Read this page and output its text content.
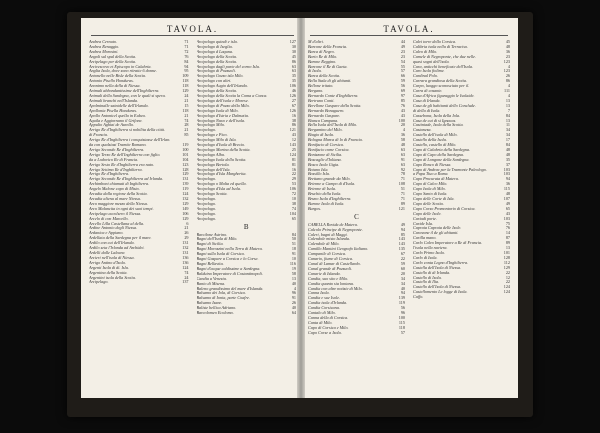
TAVOLA.
Andrea Cernuto.	71
Andrea Renaggio.	71
Andrea Morosini.	72
Angoli sul spal della Scotia.	76
Arcipelago per della Scotia.	84
Arcivescovo et Episcopo in Calabria.	94
Anglia Isola, dove sono ritratte 6 donne.	95
Antonello nelle Bisle della Scotia.	109
Antonio Pisello Honduras.	118
Anonimo nella della di Niessa.	118
Animali abbondantissime dell'Inghilterra.	129
Animali della Sardegna, con le quali si spera.	24
Animali branchi nell'Islanda.	21
Apolminalle saintdelle dell'Irlanda.	15
Apollonia Pisella Honduras.	118
Apollo Antonicel quella in Eubea.	21
Aquila e Aggiornano il Grifone.	74
Appulio Aghiai de Aurella.	28
Arrigo Re d'Inghilterra si nobilita della città.	21
di Francia.	85
Arrigo Re d'Inghilterra i conquistasse dell'Irlan.
da con qualsiasi Tramite Romano.	119
Arrigo Secondo Re d'Inghilterra.	100
Arrigo Terzo Re dell'Inghilterra con figlio.	101
da a Lodovico Re di Francia.	104
Arrigo Sesto Re d'Inghilterra era nato.	123
Arrigo Settimo Re d'Inghilterra.	128
Arrigo Re d'Inghilterra.	129
Arrigo Secondo Re d'Inghilterra ad Irlanda.	131
Archimboni chiamati di Inghilterra.	139
Angelo Malone capo di Misto.	119
Arcadia dalla regione della Scotia.	124
Arcadia aliena al mare Niessa.	132
Arco maggiore mezzo della Niessa.	129
Arco Malancita in ogni dei suoi tempi.	149
Arcipelago accolsero il Niessa.	106
Arcelo di con Marcello.	129
Arcello Lilla Castellana al della.	6
Ardine Antonio degli Niessa.	21
Ardanica e Appiano.	26
Ardellata della Sardegna per il mare.	29
Ardilo con cui dell'Irlanda.	131
Ardilo seta l'Irlanda ad Archidei.	132
Ardelli dalle Laleane.	131
Arcieri nell'isola di Niessa.	136
Arrigo Antino d'Isola.	136
Argenti Isola di di. Isla.	124
Argentina della Scotia.	74
Argentini isola della Scotia.	24
Arcipelago.	137
Arcipelago quindi e isla.	127
Arcipelago di Iseglia.	30
Arcipelago d Laquna.	30
Arcipelago della Scotia.	45
Arcipelago della Scotia.	86
Arcipelago dagli parte del corno Isla.	63
Arcipelago di Pozzuoli.	63
Arcipelago Gozzo isla Milo.	35
Arcipelago con altri.	35
Arcipelago Augio dell'Irlanda.	106
Arcipelago della Scotia.	46
Arcipelago della Scotia la Coma a Conca.	126
Arcipelago dell'isola e Morese.	27
Arcipelago di Pozzo della Milo.	67
Arcipelago Isola di Milo.	126
Arcipelago d'Istria e Dalmatia.	16
Arcipelago Naxo e dell'isola.	38
Arcipelago Milo.	86
Arcipelago.	121
Arcipelago e Pico.	43
Arcipelago Milo di Isla.	12
Arcipelago d'Isola di Brecia.	143
Arcipelago Marina della Scotia.	25
Arcipelago Alba.	124
Arcipelago Isola della Scotia.	81
Arcipelago Bertola.	81
Arcipelago dell'Isla.	16
Arcipelago d'Isla Margherita.	22
Arcipelago.	29
Arcipelago o Malta ed quella.	53
Arcipelago d'Isla ad Isola.	106
Arcipelago Scotia.	72
Arcipelago.	10
Arcipelago.	38
Arcipelago.	74
Arcipelago.	104
Arcipelago.	65
B
Barcilone Astrino.	84
Bagni dell'Isola di Milo.	50
Bagni di Sicilia.	51
Bagni Morozzini nella Terra di Matera.	18
Bagni sulla Isola di Corsica.	91
Bagni Gaspare a Corsica e lo Corse.	10
Bagni Bellavita.	116
Bagni d'acque caldissime a Sardegna.	19
Balduino Imperatore di Costantinopoli.	58
Candia a Venezia.	13
Banio di Misena.	40
Baleno grandissimo del mare d'Islanda.	4
Balsamo dei Iola, di Corsica.	96
Balsamo di Ionia, parte Coafre.	91
Balsamo Isane.	26
Baliste bellica Adriano.	40
Barcolomeo Ecolomo.	64
TAVOLA.
M d'altri.	44
Barcone della Francia.	49
Barca di Negro.	23
Bario Re di Milo.	23
Barone Reggino.	54
Barcone il Re di Gaeta.	55
di Isola.	57
Barca della Scotia.	66
Bella Stala di gli abitanti.	59
Bellone tritato.	56
Bergano.	69
Bernardo Conte d'Inghilterra.	97
Bertruno Conti.	85
Berellone Gaspare della Scotia.	76
Bernardo Bonaguero.	43
Bernardo Gaspare.	43
Bianca Campana.	100
Bella Isola dell'Isola di Milo.	20
Bergamino del Milo.	4
Biagio di Isola.	36
Bologna Marca di lo di Francia.	58
Bonifacio di Corsica.	48
Bonifacio come Corsica.	63
Bonizzone di Sicilia.	63
Boscaglie d'Ioliana.	91
Bosco Isola Gigia.	63
Botano Isla.	92
Bossillo Isla.	78
Brettano grande da Milo.	71
Brienne a Campo di d'Isola.	108
Brienne di Isola.	51
Bruchio della Isola.	71
Bruno Isola d'Inghilterra.	71
Burone Isola di Isola.	89
Burgos.	121
C
CABELLA Rovida de Matera.	49
Calcolo Principe di Negroponte.	94
Caleri, bagni di Maggi.	85
Calendole misto Islanda.	143
Calendole di Milo.	143
Camillo Mantini Geografo Italiano.	135
Campanile di Corsica.	67
Canario, fiume di Corsica.	22
Canal di Lamar di Castellardo.	59
Canal grande di Pozzuoli.	60
Canarie di Islanda.	20
Candia, suo sito e Milo.	34
Candia quanto sia lontana.	34
Candia con altre notizie di Milo.	40
Canna Isola.	94
Candia e sue Isole.	139
Candia isola d'Irlanda.	119
Candia Corsicana.	56
Cantalo di Milo.	96
Canna della di Corsica.	100
Canta di Milo.	115
Capo di Corsica e Milo.	118
Capo Corse a Isola.	57
Calvi torre della Corsica.	45
Calibria isola nella di Terraciso.	48
Calvo di Milo.	36
Camele di Negroponte, che due nelle.	23
quasi sogni dell'isola.	123
Cara, anticchi beneficate dell'Isola.	4
Caro Isola fiolime.	123
Cardinal Polo.	26
Carrara grandiosa della Scotia.	86
Carpo, luoggo sconosciuto per il.	4
Carra di cosante.	111
Casa d'Africa figuraggio le Isolaide.	4
Casa di Irlanda.	13
Casa de gli habitanti dello Conclude.	13
di della di Isola.	7
Cassebona, Isola della Iola.	84
Casa de cui di si Ignacas.	13
Castiniade, Isola della Scotia.	11
Castaneza.	34
Castello dell'isola di Milo.	34
Castello della Isola.	17
Castello, castello di Milo.	84
Capo di Calabria della Sardegna.	48
Capo di Capo della Sardegna.	48
Capo di Longone della Sardegna.	35
Capo Ronco di Niessa.	37
Capo di Andrea per la Tramonte Paleologo.	103
a Papa Tiuo a Roma.	103
Capo Procurata di Matera.	94
Capo di Calco Milo.	36
Capo Isola di Milo.	115
Capo Santo di Isola.	48
Capo delle Corte di Isla.	107
Capo delle Scotia.	49
Capo Corso Promontorio di Corsica.	65
Capo delle Isole.	43
Cariadi porte.	103
Caride Isla.	75
Capraia Capraia delle Isole.	76
Caravane il de gli abitanti.	14
Carilla mano.	87
Carlo Calvo Imperatore a Re di Francia.	89
l'isola nella naviera.	13
Carlo Primo Isola.	101
Carlo di Isola.	128
Carlo conta Legno d'Inghilterra.	112
Castella dell'Isola di Niessa.	129
Castello di di Irlanda.	22
Castello di Isola.	12
Castello di Ilia.	22
Castello dell'Isola di Niessa.	124
Castellomento Le logge di Isola.	124
Caffo.
